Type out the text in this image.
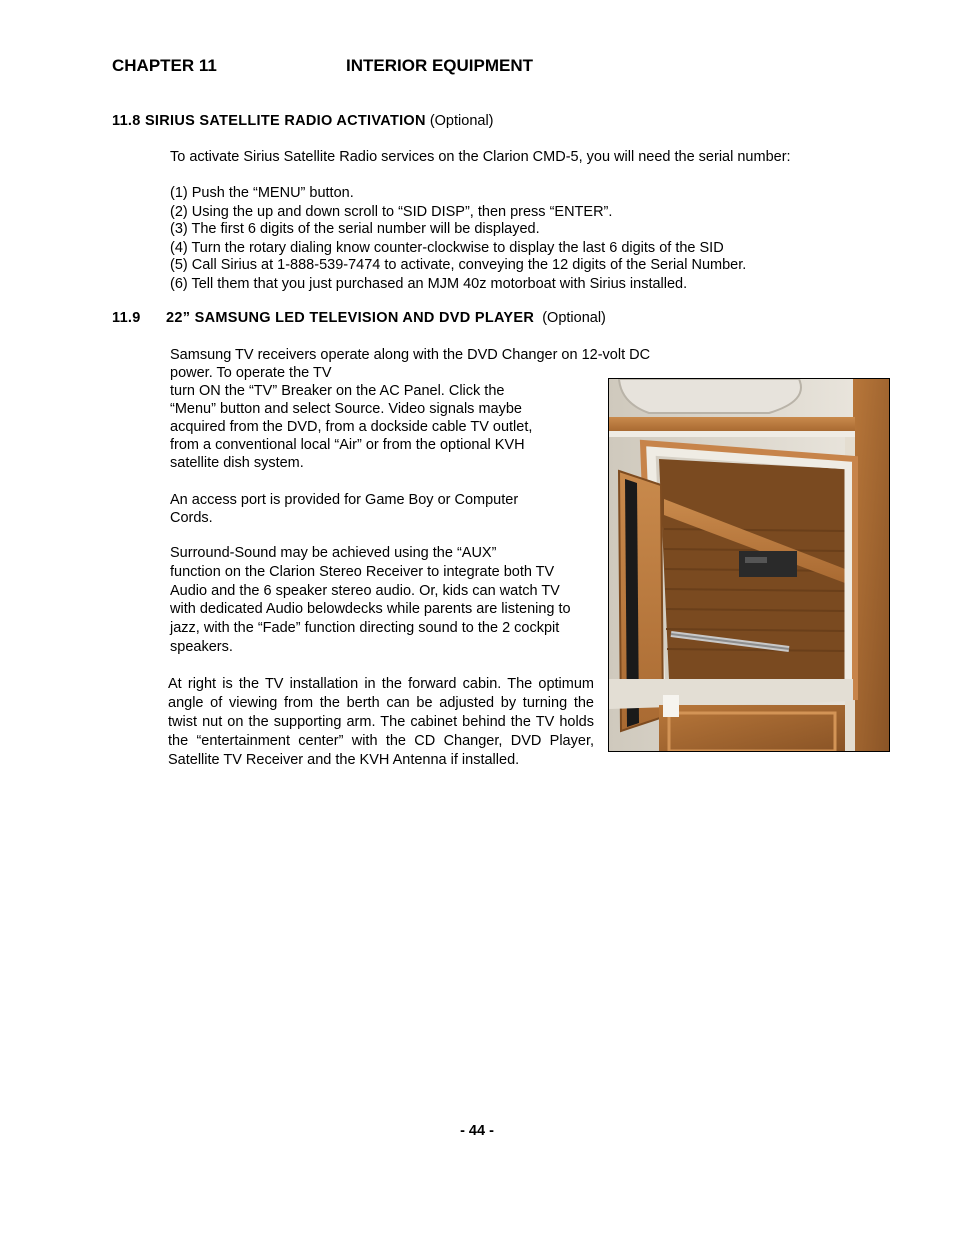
CHAPTER 11	INTERIOR EQUIPMENT
11.8 SIRIUS SATELLITE RADIO ACTIVATION (Optional)
To activate Sirius Satellite Radio services on the Clarion CMD-5, you will need the serial number:
(1) Push the “MENU” button.
(2) Using the up and down scroll to “SID DISP”, then press “ENTER”.
(3) The first 6 digits of the serial number will be displayed.
(4) Turn the rotary dialing know counter-clockwise to display the last 6 digits of the SID
(5) Call Sirius at 1-888-539-7474 to activate, conveying the 12 digits of the Serial Number.
(6) Tell them that you just purchased an MJM 40z motorboat with Sirius installed.
11.9 22” SAMSUNG LED TELEVISION AND DVD PLAYER (Optional)
Samsung TV receivers operate along with the DVD Changer on 12-volt DC
power. To operate the TV
turn ON the “TV” Breaker on the AC Panel. Click the
“Menu” button and select Source. Video signals maybe
acquired from the DVD, from a dockside cable TV outlet,
from a conventional local “Air” or from the optional KVH
satellite dish system.
An access port is provided for Game Boy or Computer
Cords.
Surround-Sound may be achieved using the “AUX”
function on the Clarion Stereo Receiver to integrate both TV
Audio and the 6 speaker stereo audio. Or, kids can watch TV
with dedicated Audio belowdecks while parents are listening to
jazz, with the “Fade” function directing sound to the 2 cockpit
speakers.
At right is the TV installation in the forward cabin. The optimum angle of viewing from the berth can be adjusted by turning the twist nut on the supporting arm. The cabinet behind the TV holds the “entertainment center” with the CD Changer, DVD Player, Satellite TV Receiver and the KVH Antenna if installed.
- 44 -
